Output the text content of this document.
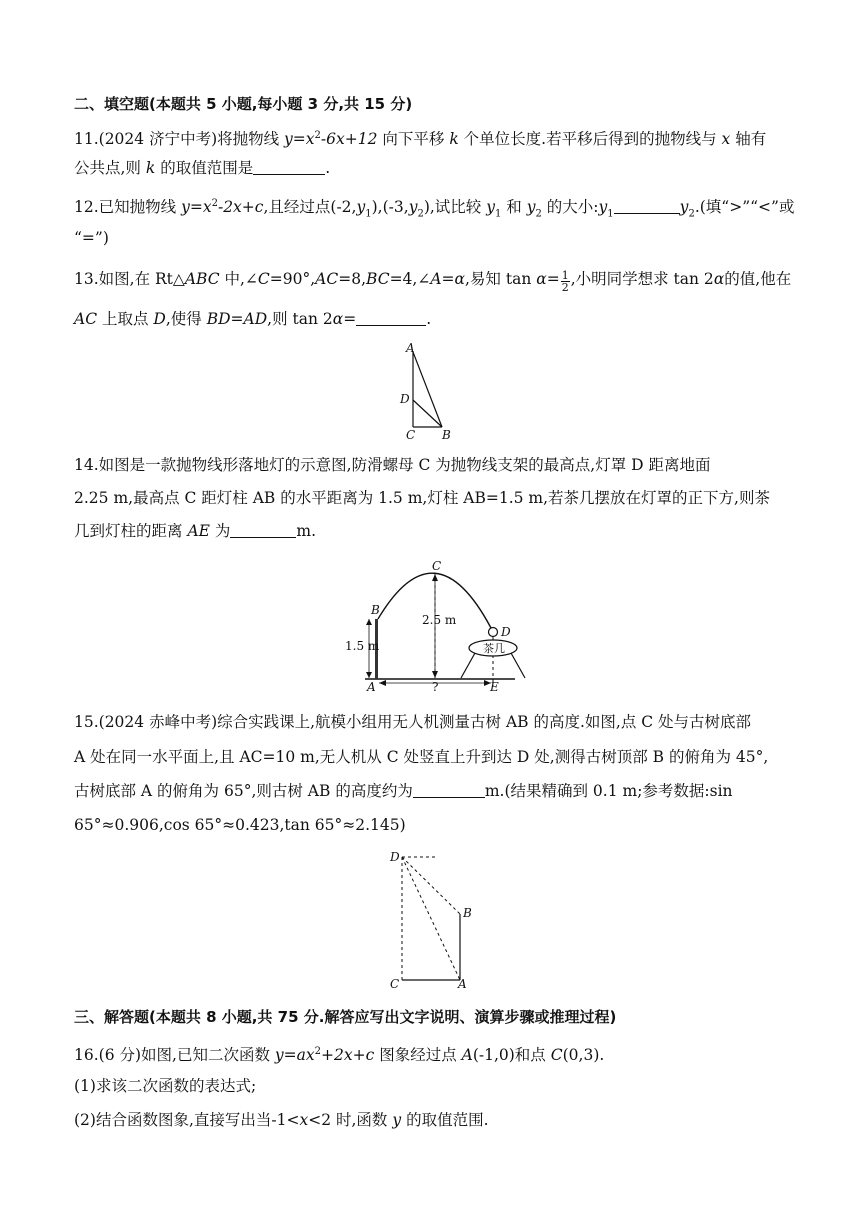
二、填空题(本题共 5 小题,每小题 3 分,共 15 分)
11.(2024 济宁中考)将抛物线 $y=x^2-6x+12$ 向下平移 k 个单位长度.若平移后得到的抛物线与 x 轴有
公共点,则 k 的取值范围是	.
12.已知抛物线 $y=x^2-2x+c$,且经过点$(-2,y_1),(-3,y_2)$,试比较 $y_1$ 和 $y_2$ 的大小$:y_1$	$y_2$.(填“>”“<”或
“=”)
13.如图,在 Rt△ABC 中,∠C=90°,AC=8,BC=4,∠A=α,易知 $\tan \alpha= \frac{1}{2}$ ,小明同学想求 tan 2α的值,他在
AC 上取点 D,使得 BD=AD,则 tan 2α=	.
A
D
C B
14.如图是一款抛物线形落地灯的示意图,防滑螺母 C 为抛物线支架的最高点,灯罩 D 距离地面
2.25 m,最高点 C 距灯柱 AB 的水平距离为 1.5 m,灯柱 AB=1.5 m,若茶几摆放在灯罩的正下方,则茶
几到灯柱的距离 AE 为	m.
C
B
D
A	E
2.5 m
1.5 m	茶几
?
15.(2024 赤峰中考)综合实践课上,航模小组用无人机测量古树 AB 的高度.如图,点 C 处与古树底部
A 处在同一水平面上,且 AC=10 m,无人机从 C 处竖直上升到达 D 处,测得古树顶部 B 的俯角为 45°,
古树底部 A 的俯角为 65°,则古树 AB 的高度约为	m.(结果精确到 0.1 m;参考数据:sin
65°≈0.906,cos 65°≈0.423,tan 65°≈2.145)
D
B
C	A
三、解答题(本题共 8 小题,共 75 分.解答应写出文字说明、演算步骤或推理过程)
16.(6 分)如图,已知二次函数 $y=ax^2+2x+c$ 图象经过点 A(-1,0)和点 C(0,3).
(1)求该二次函数的表达式;
(2)结合函数图象,直接写出当-1<x<2 时,函数 y 的取值范围.
